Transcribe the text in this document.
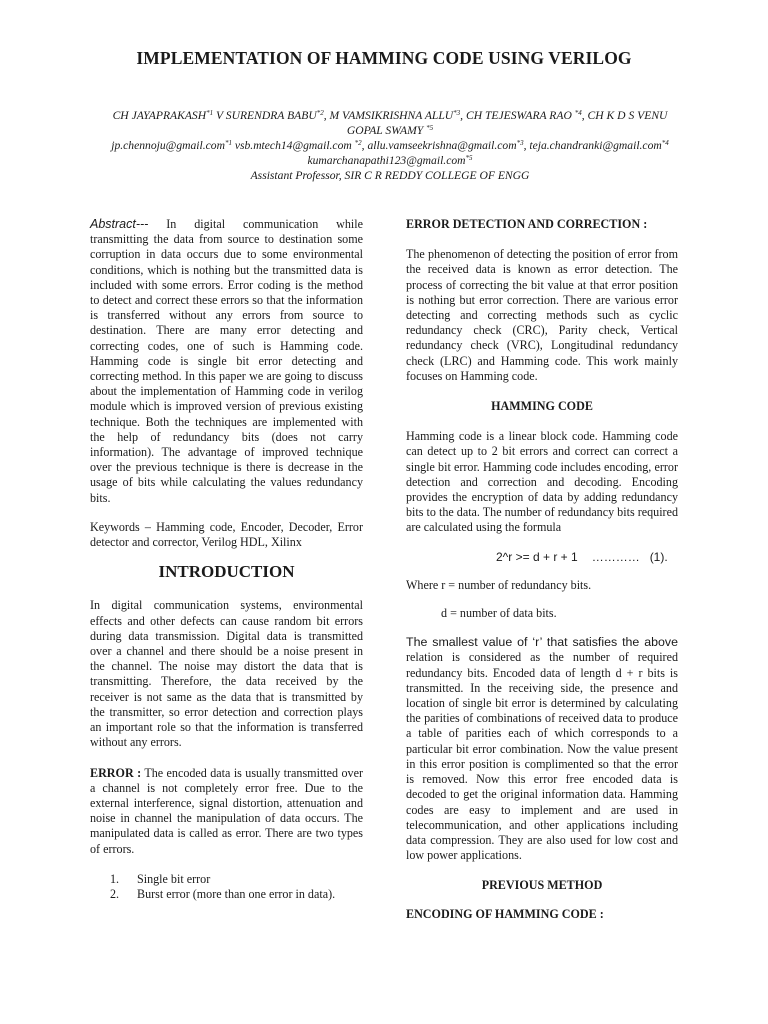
IMPLEMENTATION OF HAMMING CODE USING VERILOG
CH JAYAPRAKASH$^{*1}$ V SURENDRA BABU$^{*2}$, M VAMSIKRISHNA ALLU$^{*3}$, CH TEJESWARA RAO $^{*4}$, CH K D S VENU
GOPAL SWAMY $^{*5}$
jp.chennoju@gmail.com$^{*1}$ vsb.mtech14@gmail.com $^{*2}$, allu.vamseekrishna@gmail.com$^{*3}$, teja.chandranki@gmail.com$^{*4}$
kumarchanapathi123@gmail.com$^{*5}$
Assistant Professor, SIR C R REDDY COLLEGE OF ENGG

Abstract--- In digital communication while transmitting the data from source to destination some corruption in data occurs due to some environmental conditions, which is nothing but the transmitted data is included with some errors. Error coding is the method to detect and correct these errors so that the information is transferred without any errors from source to destination. There are many error detecting and correcting codes, one of such is Hamming code. Hamming code is single bit error detecting and correcting method. In this paper we are going to discuss about the implementation of Hamming code in verilog module which is improved version of previous existing technique. Both the techniques are implemented with the help of redundancy bits (does not carry information). The advantage of improved technique over the previous technique is there is decrease in the usage of bits while calculating the values redundancy bits.

Keywords – Hamming code, Encoder, Decoder, Error detector and corrector, Verilog HDL, Xilinx

INTRODUCTION

In digital communication systems, environmental effects and other defects can cause random bit errors during data transmission. Digital data is transmitted over a channel and there should be a noise present in the channel. The noise may distort the data that is transmitting. Therefore, the data received by the receiver is not same as the data that is transmitted by the transmitter, so error detection and correction plays an important role so that the information is transferred without any errors.

ERROR : The encoded data is usually transmitted over a channel is not completely error free. Due to the external interference, signal distortion, attenuation and noise in channel the manipulation of data occurs. The manipulated data is called as error. There are two types of errors.

1. Single bit error
2. Burst error (more than one error in data).

ERROR DETECTION AND CORRECTION :

The phenomenon of detecting the position of error from the received data is known as error detection. The process of correcting the bit value at that error position is nothing but error correction. There are various error detecting and correcting methods such as cyclic redundancy check (CRC), Parity check, Vertical redundancy check (VRC), Longitudinal redundancy check (LRC) and Hamming code. This work mainly focuses on Hamming code.

HAMMING CODE

Hamming code is a linear block code. Hamming code can detect up to 2 bit errors and correct can correct a single bit error. Hamming code includes encoding, error detection and correction and decoding. Encoding provides the encryption of data by adding redundancy bits to the data. The number of redundancy bits required are calculated using the formula

2^r >= d + r + 1 ………… (1).

Where r = number of redundancy bits.

d = number of data bits.

The smallest value of ‘r’ that satisfies the above relation is considered as the number of required redundancy bits. Encoded data of length d + r bits is transmitted. In the receiving side, the presence and location of single bit error is determined by calculating the parities of combinations of received data to produce a table of parities each of which corresponds to a particular bit error combination. Now the value present in this error position is complimented so that the error is removed. Now this error free encoded data is decoded to get the original information data. Hamming codes are easy to implement and are used in telecommunication, and other applications including data compression. They are also used for low cost and low power applications.

PREVIOUS METHOD

ENCODING OF HAMMING CODE :
